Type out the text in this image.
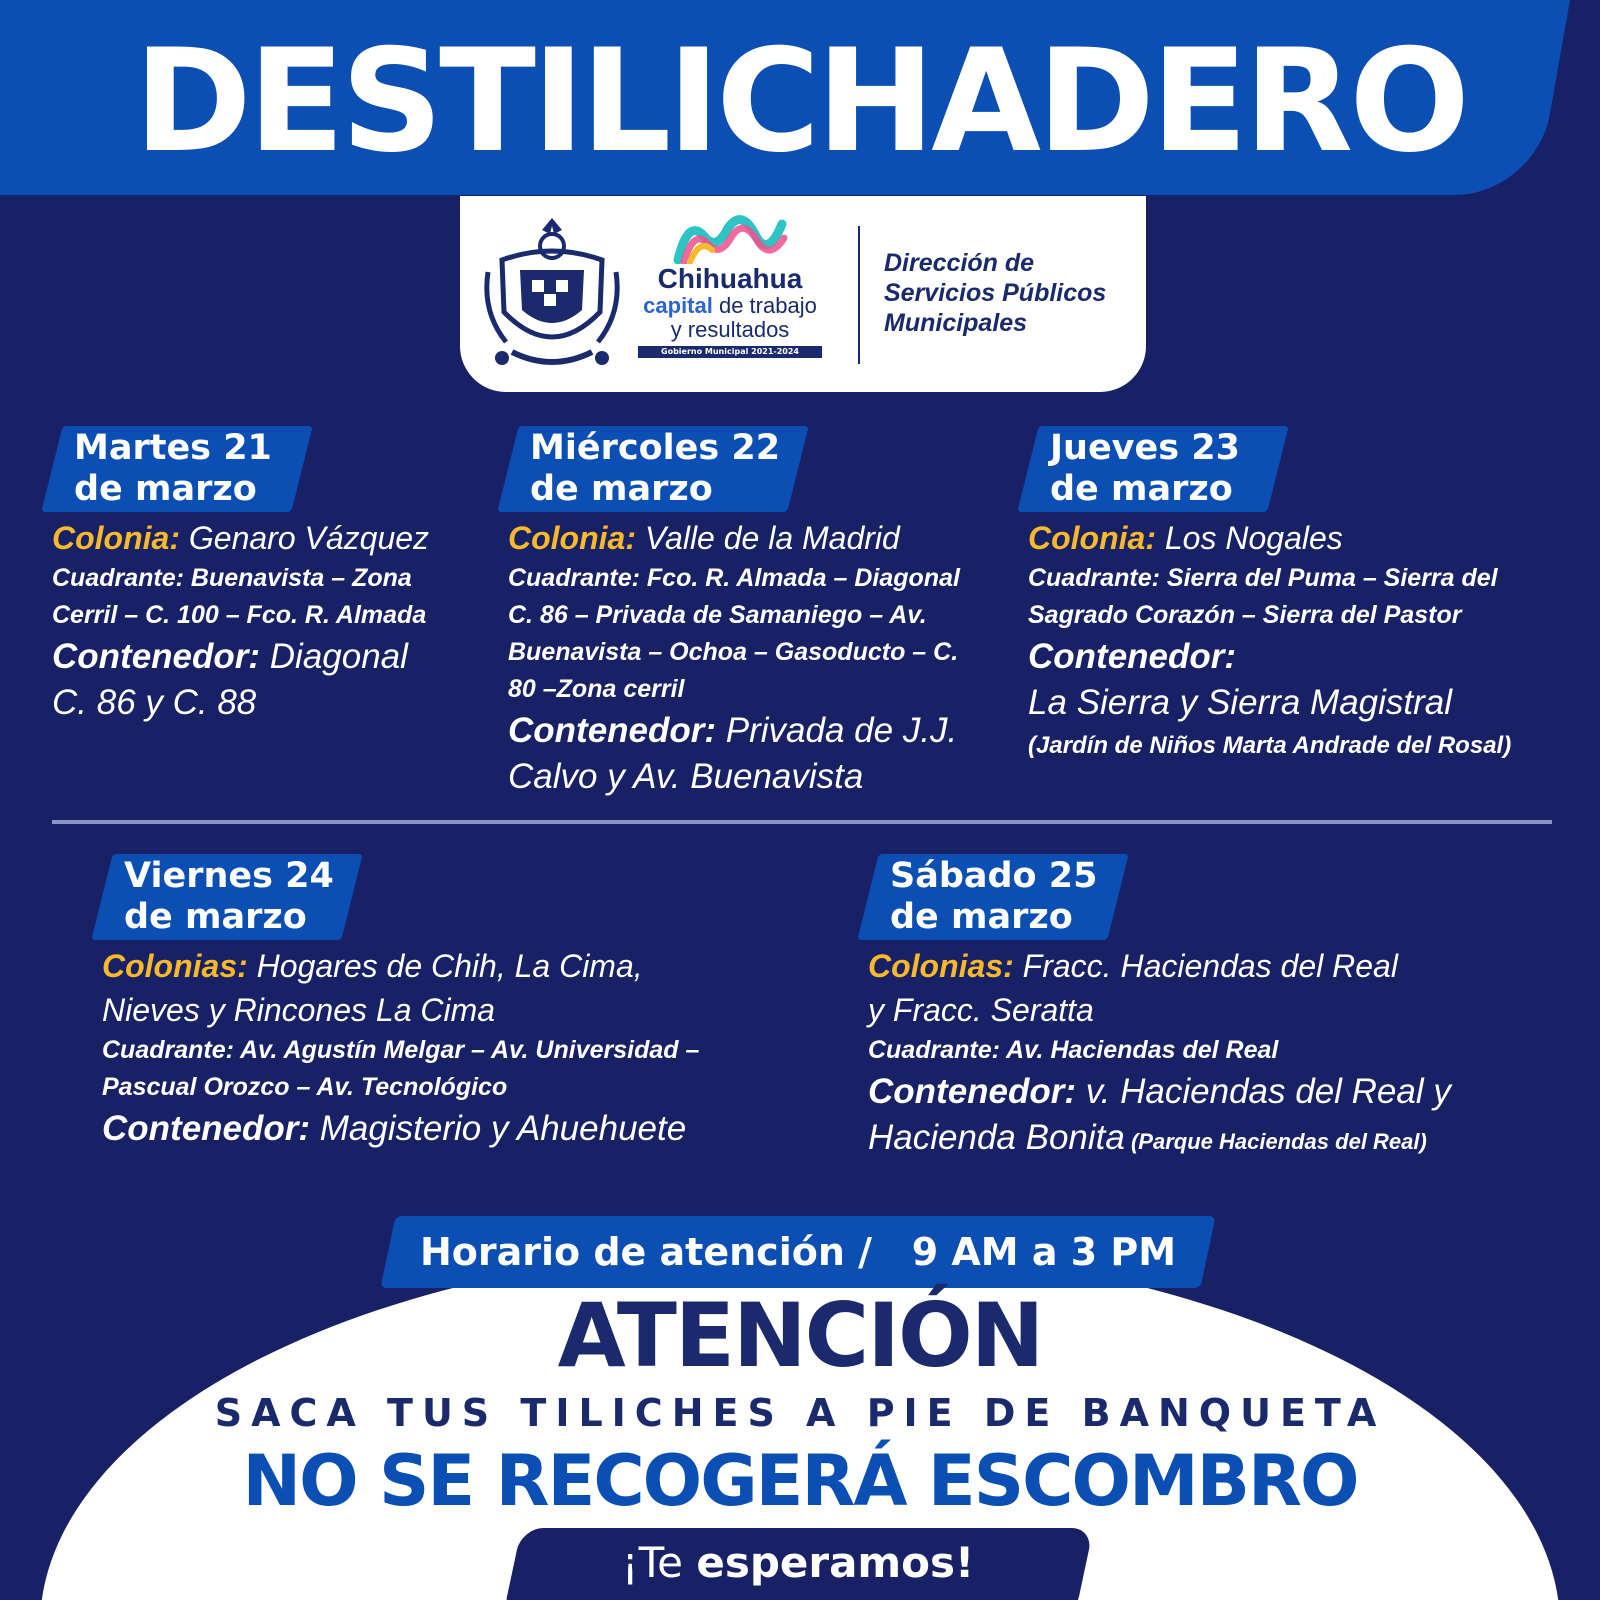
DESTILICHADERO
Chihuahua
capital de trabajo
y resultados
Gobierno Municipal 2021-2024
Dirección de
Servicios Públicos
Municipales
Martes 21
de marzo
Colonia: Genaro Vázquez
Cuadrante: Buenavista – Zona
Cerril – C. 100 – Fco. R. Almada
Contenedor: Diagonal
C. 86 y C. 88
Miércoles 22
de marzo
Colonia: Valle de la Madrid
Cuadrante: Fco. R. Almada – Diagonal
C. 86 – Privada de Samaniego – Av.
Buenavista – Ochoa – Gasoducto – C.
80 –Zona cerril
Contenedor: Privada de J.J.
Calvo y Av. Buenavista
Jueves 23
de marzo
Colonia: Los Nogales
Cuadrante: Sierra del Puma – Sierra del
Sagrado Corazón – Sierra del Pastor
Contenedor:
La Sierra y Sierra Magistral
(Jardín de Niños Marta Andrade del Rosal)
Viernes 24
de marzo
Colonias: Hogares de Chih, La Cima,
Nieves y Rincones La Cima
Cuadrante: Av. Agustín Melgar – Av. Universidad –
Pascual Orozco – Av. Tecnológico
Contenedor: Magisterio y Ahuehuete
Sábado 25
de marzo
Colonias: Fracc. Haciendas del Real
y Fracc. Seratta
Cuadrante: Av. Haciendas del Real
Contenedor: v. Haciendas del Real y
Hacienda Bonita (Parque Haciendas del Real)
Horario de atención / 9 AM a 3 PM
ATENCIÓN
SACA TUS TILICHES A PIE DE BANQUETA
NO SE RECOGERÁ ESCOMBRO
¡Te esperamos!
